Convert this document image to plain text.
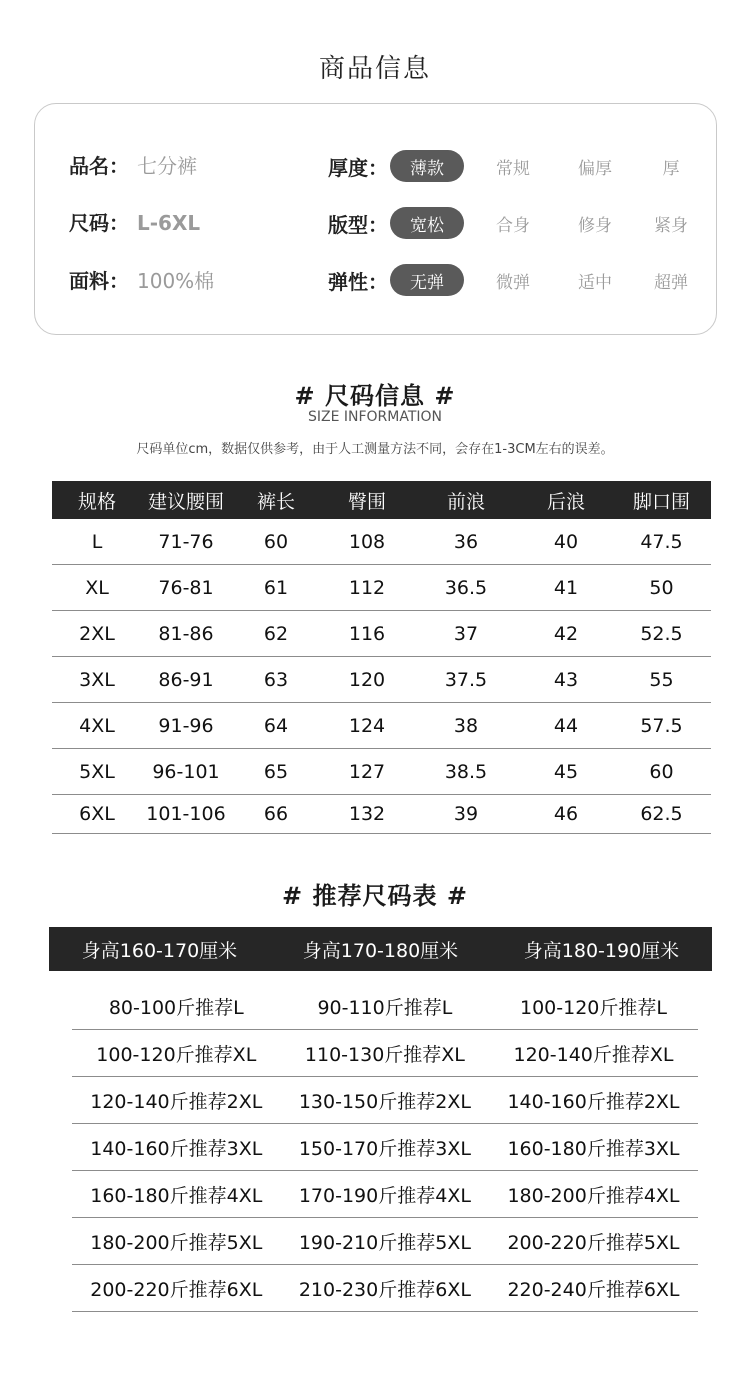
商品信息
品名： 七分裤
尺码： L-6XL
面料： 100%棉
厚度：	薄款	常规	偏厚	厚
版型：	宽松	合身	修身	紧身
弹性：	无弹	微弹	适中	超弹
# 尺码信息 #
SIZE INFORMATION
尺码单位cm，数据仅供参考，由于人工测量方法不同，会存在1-3CM左右的误差。
规格	建议腰围	裤长	臀围	前浪	后浪	脚口围
L	71-76	60	108	36	40	47.5
XL	76-81	61	112	36.5	41	50
2XL	81-86	62	116	37	42	52.5
3XL	86-91	63	120	37.5	43	55
4XL	91-96	64	124	38	44	57.5
5XL	96-101	65	127	38.5	45	60
6XL	101-106	66	132	39	46	62.5
# 推荐尺码表 #
身高160-170厘米	身高170-180厘米	身高180-190厘米
80-100斤推荐L	90-110斤推荐L	100-120斤推荐L
100-120斤推荐XL	110-130斤推荐XL	120-140斤推荐XL
120-140斤推荐2XL	130-150斤推荐2XL	140-160斤推荐2XL
140-160斤推荐3XL	150-170斤推荐3XL	160-180斤推荐3XL
160-180斤推荐4XL	170-190斤推荐4XL	180-200斤推荐4XL
180-200斤推荐5XL	190-210斤推荐5XL	200-220斤推荐5XL
200-220斤推荐6XL	210-230斤推荐6XL	220-240斤推荐6XL
